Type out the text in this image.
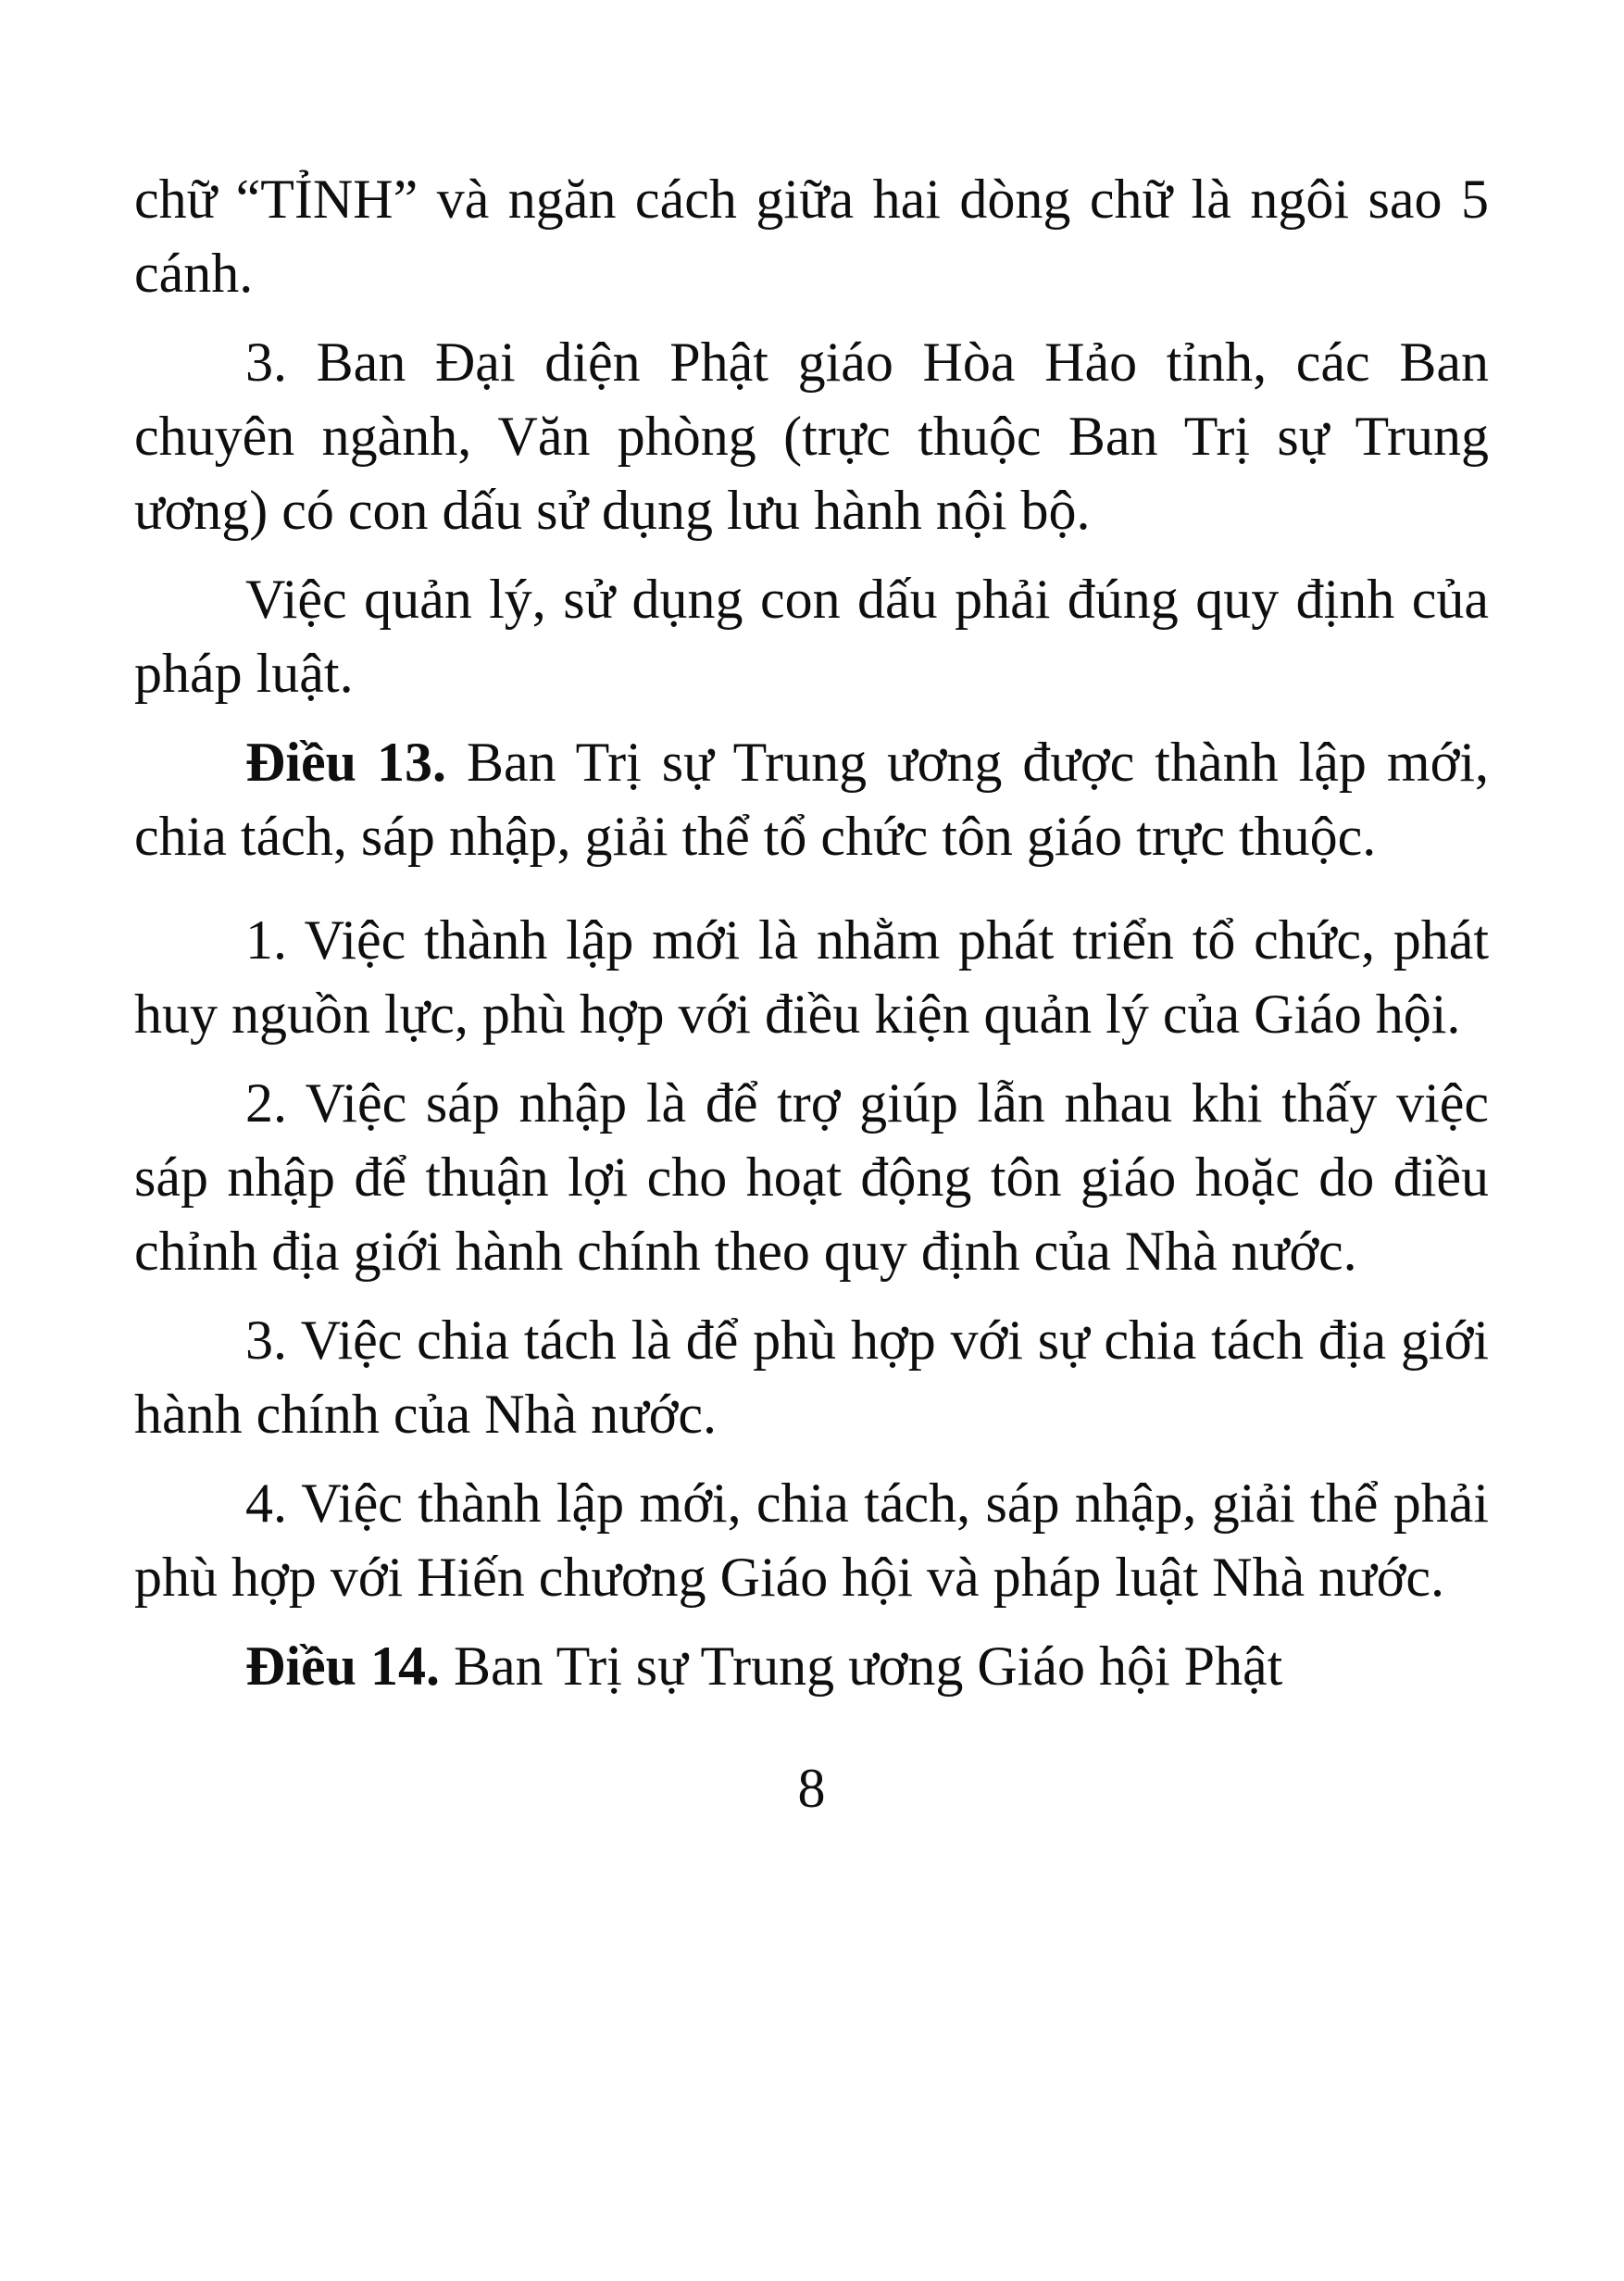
chữ “TỈNH” và ngăn cách giữa hai dòng chữ là ngôi sao 5 cánh.

3. Ban Đại diện Phật giáo Hòa Hảo tỉnh, các Ban chuyên ngành, Văn phòng (trực thuộc Ban Trị sự Trung ương) có con dấu sử dụng lưu hành nội bộ.

Việc quản lý, sử dụng con dấu phải đúng quy định của pháp luật.

Điều 13. Ban Trị sự Trung ương được thành lập mới, chia tách, sáp nhập, giải thể tổ chức tôn giáo trực thuộc.

1. Việc thành lập mới là nhằm phát triển tổ chức, phát huy nguồn lực, phù hợp với điều kiện quản lý của Giáo hội.

2. Việc sáp nhập là để trợ giúp lẫn nhau khi thấy việc sáp nhập để thuận lợi cho hoạt động tôn giáo hoặc do điều chỉnh địa giới hành chính theo quy định của Nhà nước.

3. Việc chia tách là để phù hợp với sự chia tách địa giới hành chính của Nhà nước.

4. Việc thành lập mới, chia tách, sáp nhập, giải thể phải phù hợp với Hiến chương Giáo hội và pháp luật Nhà nước.

Điều 14. Ban Trị sự Trung ương Giáo hội Phật

8
